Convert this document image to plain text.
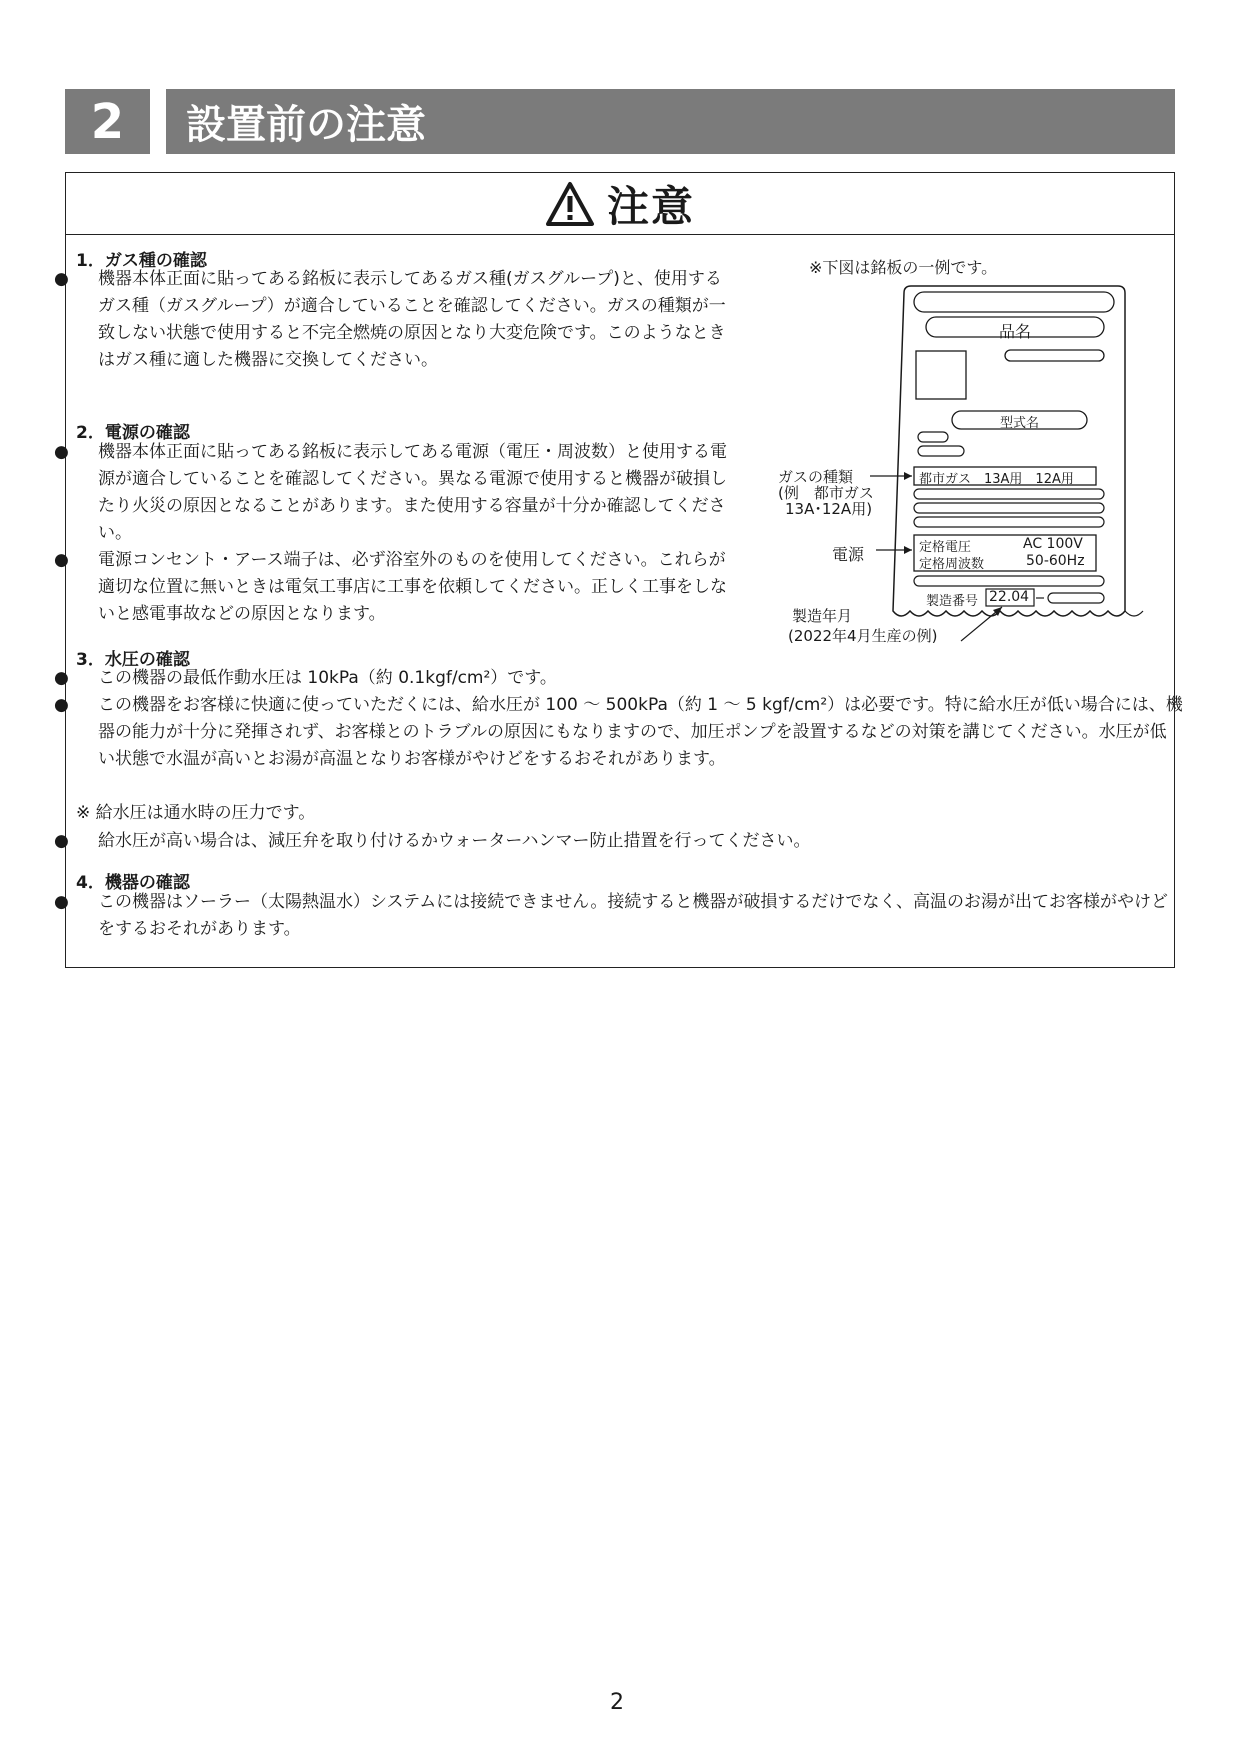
2	設置前の注意
注意
1．ガス種の確認
● 機器本体正面に貼ってある銘板に表示してあるガス種(ガスグループ)と、使用するガス種（ガスグループ）が適合していることを確認してください。ガスの種類が一致しない状態で使用すると不完全燃焼の原因となり大変危険です。このようなときはガス種に適した機器に交換してください。
2．電源の確認
● 機器本体正面に貼ってある銘板に表示してある電源（電圧・周波数）と使用する電源が適合していることを確認してください。異なる電源で使用すると機器が破損したり火災の原因となることがあります。また使用する容量が十分か確認してください。
● 電源コンセント・アース端子は、必ず浴室外のものを使用してください。これらが適切な位置に無いときは電気工事店に工事を依頼してください。正しく工事をしないと感電事故などの原因となります。
3．水圧の確認
● この機器の最低作動水圧は 10kPa（約 0.1kgf/cm²）です。
● この機器をお客様に快適に使っていただくには、給水圧が 100 ～ 500kPa（約 1 ～ 5 kgf/cm²）は必要です。特に給水圧が低い場合には、機器の能力が十分に発揮されず、お客様とのトラブルの原因にもなりますので、加圧ポンプを設置するなどの対策を講じてください。水圧が低い状態で水温が高いとお湯が高温となりお客様がやけどをするおそれがあります。
※ 給水圧は通水時の圧力です。
● 給水圧が高い場合は、減圧弁を取り付けるかウォーターハンマー防止措置を行ってください。
4．機器の確認
● この機器はソーラー（太陽熱温水）システムには接続できません。接続すると機器が破損するだけでなく、高温のお湯が出てお客様がやけどをするおそれがあります。
※下図は銘板の一例です。
品名
型式名
都市ガス　13A用　12A用
定格電圧	AC 100V
定格周波数	50-60Hz
製造番号 22.04
ガスの種類
(例　都市ガス
13A･12A用)
電源
製造年月
(2022年4月生産の例)
2
